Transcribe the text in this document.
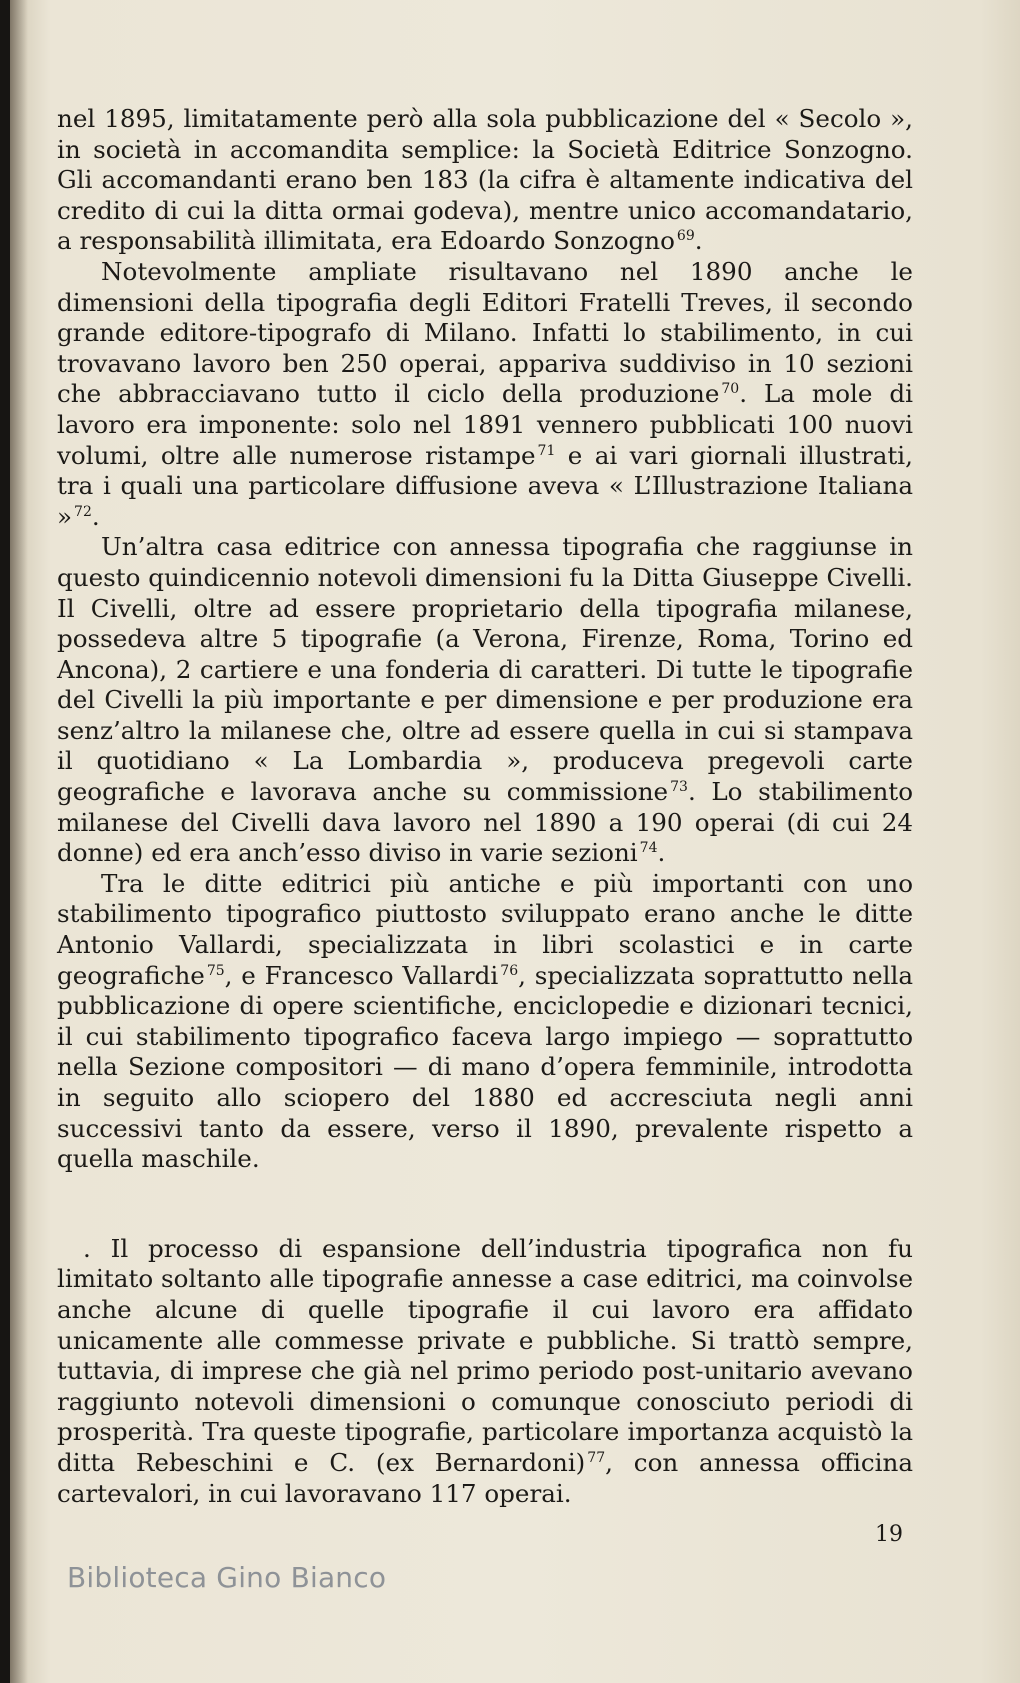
nel 1895, limitatamente però alla sola pubblicazione del « Secolo », in società in accomandita semplice: la Società Editrice Sonzogno. Gli accomandanti erano ben 183 (la cifra è altamente indicativa del credito di cui la ditta ormai godeva), mentre unico accomandatario, a responsabilità illimitata, era Edoardo Sonzogno $^{69}$.

Notevolmente ampliate risultavano nel 1890 anche le dimensioni della tipografia degli Editori Fratelli Treves, il secondo grande editore-tipografo di Milano. Infatti lo stabilimento, in cui trovavano lavoro ben 250 operai, appariva suddiviso in 10 sezioni che abbracciavano tutto il ciclo della produzione $^{70}$. La mole di lavoro era imponente: solo nel 1891 vennero pubblicati 100 nuovi volumi, oltre alle numerose ristampe $^{71}$ e ai vari giornali illustrati, tra i quali una particolare diffusione aveva « L’Illustrazione Italiana » $^{72}$.

Un’altra casa editrice con annessa tipografia che raggiunse in questo quindicennio notevoli dimensioni fu la Ditta Giuseppe Civelli. Il Civelli, oltre ad essere proprietario della tipografia milanese, possedeva altre 5 tipografie (a Verona, Firenze, Roma, Torino ed Ancona), 2 cartiere e una fonderia di caratteri. Di tutte le tipografie del Civelli la più importante e per dimensione e per produzione era senz’altro la milanese che, oltre ad essere quella in cui si stampava il quotidiano « La Lombardia », produceva pregevoli carte geografiche e lavorava anche su commissione $^{73}$. Lo stabilimento milanese del Civelli dava lavoro nel 1890 a 190 operai (di cui 24 donne) ed era anch’esso diviso in varie sezioni $^{74}$.

Tra le ditte editrici più antiche e più importanti con uno stabilimento tipografico piuttosto sviluppato erano anche le ditte Antonio Vallardi, specializzata in libri scolastici e in carte geografiche $^{75}$, e Francesco Vallardi $^{76}$, specializzata soprattutto nella pubblicazione di opere scientifiche, enciclopedie e dizionari tecnici, il cui stabilimento tipografico faceva largo impiego — soprattutto nella Sezione compositori — di mano d’opera femminile, introdotta in seguito allo sciopero del 1880 ed accresciuta negli anni successivi tanto da essere, verso il 1890, prevalente rispetto a quella maschile.

. Il processo di espansione dell’industria tipografica non fu limitato soltanto alle tipografie annesse a case editrici, ma coinvolse anche alcune di quelle tipografie il cui lavoro era affidato unicamente alle commesse private e pubbliche. Si trattò sempre, tuttavia, di imprese che già nel primo periodo post-unitario avevano raggiunto notevoli dimensioni o comunque conosciuto periodi di prosperità. Tra queste tipografie, particolare importanza acquistò la ditta Rebeschini e C. (ex Bernardoni) $^{77}$, con annessa officina cartevalori, in cui lavoravano 117 operai.

19
Biblioteca Gino Bianco
